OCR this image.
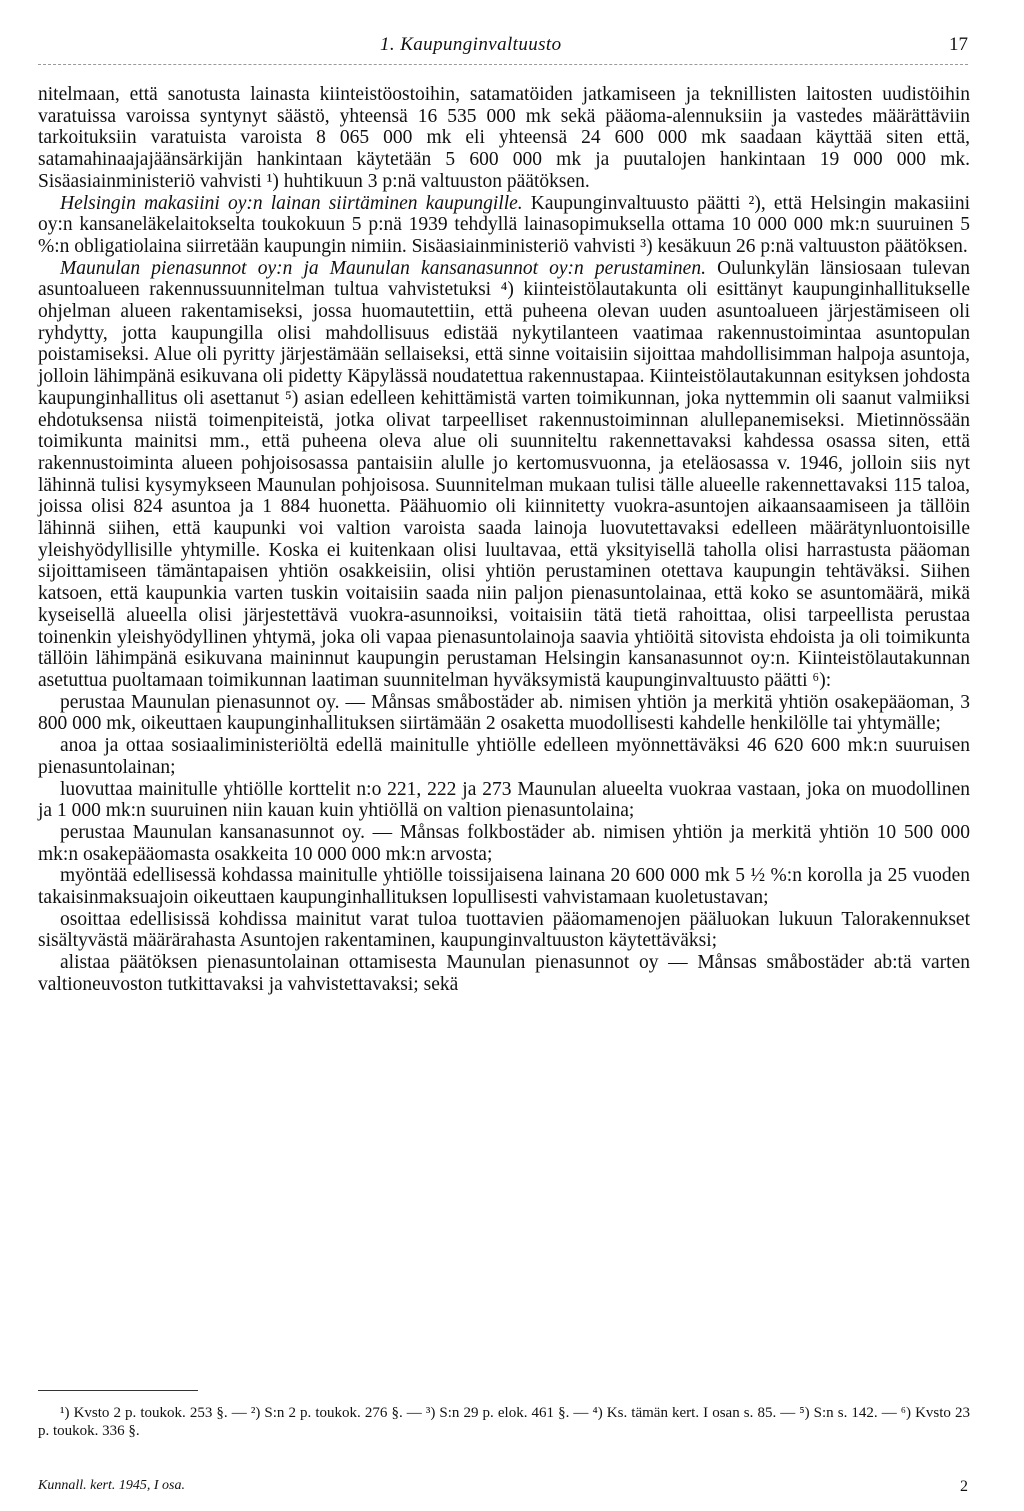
1. Kaupunginvaltuusto	17

nitelmaan, että sanotusta lainasta kiinteistöostoihin, satamatöiden jatkamiseen ja teknillisten laitosten uudistöihin varatuissa varoissa syntynyt säästö, yhteensä 16 535 000 mk sekä pääoma-alennuksiin ja vastedes määrättäviin tarkoituksiin varatuista varoista 8 065 000 mk eli yhteensä 24 600 000 mk saadaan käyttää siten että, satamahinaajajäänsärkijän hankintaan käytetään 5 600 000 mk ja puutalojen hankintaan 19 000 000 mk. Sisäasiainministeriö vahvisti ¹) huhtikuun 3 p:nä valtuuston päätöksen.

Helsingin makasiini oy:n lainan siirtäminen kaupungille. Kaupunginvaltuusto päätti ²), että Helsingin makasiini oy:n kansaneläkelaitokselta toukokuun 5 p:nä 1939 tehdyllä lainasopimuksella ottama 10 000 000 mk:n suuruinen 5 %:n obligatiolaina siirretään kaupungin nimiin. Sisäasiainministeriö vahvisti ³) kesäkuun 26 p:nä valtuuston päätöksen.

Maunulan pienasunnot oy:n ja Maunulan kansanasunnot oy:n perustaminen. Oulunkylän länsiosaan tulevan asuntoalueen rakennussuunnitelman tultua vahvistetuksi ⁴) kiinteistölautakunta oli esittänyt kaupunginhallitukselle ohjelman alueen rakentamiseksi, jossa huomautettiin, että puheena olevan uuden asuntoalueen järjestämiseen oli ryhdytty, jotta kaupungilla olisi mahdollisuus edistää nykytilanteen vaatimaa rakennustoimintaa asuntopulan poistamiseksi. Alue oli pyritty järjestämään sellaiseksi, että sinne voitaisiin sijoittaa mahdollisimman halpoja asuntoja, jolloin lähimpänä esikuvana oli pidetty Käpylässä noudatettua rakennustapaa. Kiinteistölautakunnan esityksen johdosta kaupunginhallitus oli asettanut ⁵) asian edelleen kehittämistä varten toimikunnan, joka nyttemmin oli saanut valmiiksi ehdotuksensa niistä toimenpiteistä, jotka olivat tarpeelliset rakennustoiminnan alullepanemiseksi. Mietinnössään toimikunta mainitsi mm., että puheena oleva alue oli suunniteltu rakennettavaksi kahdessa osassa siten, että rakennustoiminta alueen pohjoisosassa pantaisiin alulle jo kertomusvuonna, ja eteläosassa v. 1946, jolloin siis nyt lähinnä tulisi kysymykseen Maunulan pohjoisosa. Suunnitelman mukaan tulisi tälle alueelle rakennettavaksi 115 taloa, joissa olisi 824 asuntoa ja 1 884 huonetta. Päähuomio oli kiinnitetty vuokra-asuntojen aikaansaamiseen ja tällöin lähinnä siihen, että kaupunki voi valtion varoista saada lainoja luovutettavaksi edelleen määrätynluontoisille yleishyödyllisille yhtymille. Koska ei kuitenkaan olisi luultavaa, että yksityisellä taholla olisi harrastusta pääoman sijoittamiseen tämäntapaisen yhtiön osakkeisiin, olisi yhtiön perustaminen otettava kaupungin tehtäväksi. Siihen katsoen, että kaupunkia varten tuskin voitaisiin saada niin paljon pienasuntolainaa, että koko se asuntomäärä, mikä kyseisellä alueella olisi järjestettävä vuokra-asunnoiksi, voitaisiin tätä tietä rahoittaa, olisi tarpeellista perustaa toinenkin yleishyödyllinen yhtymä, joka oli vapaa pienasuntolainoja saavia yhtiöitä sitovista ehdoista ja oli toimikunta tällöin lähimpänä esikuvana maininnut kaupungin perustaman Helsingin kansanasunnot oy:n. Kiinteistölautakunnan asetuttua puoltamaan toimikunnan laatiman suunnitelman hyväksymistä kaupunginvaltuusto päätti ⁶):

perustaa Maunulan pienasunnot oy. — Månsas småbostäder ab. nimisen yhtiön ja merkitä yhtiön osakepääoman, 3 800 000 mk, oikeuttaen kaupunginhallituksen siirtämään 2 osaketta muodollisesti kahdelle henkilölle tai yhtymälle;

anoa ja ottaa sosiaaliministeriöltä edellä mainitulle yhtiölle edelleen myönnettäväksi 46 620 600 mk:n suuruisen pienasuntolainan;

luovuttaa mainitulle yhtiölle korttelit n:o 221, 222 ja 273 Maunulan alueelta vuokraa vastaan, joka on muodollinen ja 1 000 mk:n suuruinen niin kauan kuin yhtiöllä on valtion pienasuntolaina;

perustaa Maunulan kansanasunnot oy. — Månsas folkbostäder ab. nimisen yhtiön ja merkitä yhtiön 10 500 000 mk:n osakepääomasta osakkeita 10 000 000 mk:n arvosta;

myöntää edellisessä kohdassa mainitulle yhtiölle toissijaisena lainana 20 600 000 mk 5 ½ %:n korolla ja 25 vuoden takaisinmaksuajoin oikeuttaen kaupunginhallituksen lopullisesti vahvistamaan kuoletustavan;

osoittaa edellisissä kohdissa mainitut varat tuloa tuottavien pääomamenojen pääluokan lukuun Talorakennukset sisältyvästä määrärahasta Asuntojen rakentaminen, kaupunginvaltuuston käytettäväksi;

alistaa päätöksen pienasuntolainan ottamisesta Maunulan pienasunnot oy — Månsas småbostäder ab:tä varten valtioneuvoston tutkittavaksi ja vahvistettavaksi; sekä

¹) Kvsto 2 p. toukok. 253 §. — ²) S:n 2 p. toukok. 276 §. — ³) S:n 29 p. elok. 461 §. — ⁴) Ks. tämän kert. I osan s. 85. — ⁵) S:n s. 142. — ⁶) Kvsto 23 p. toukok. 336 §.

Kunnall. kert. 1945, I osa.	2
